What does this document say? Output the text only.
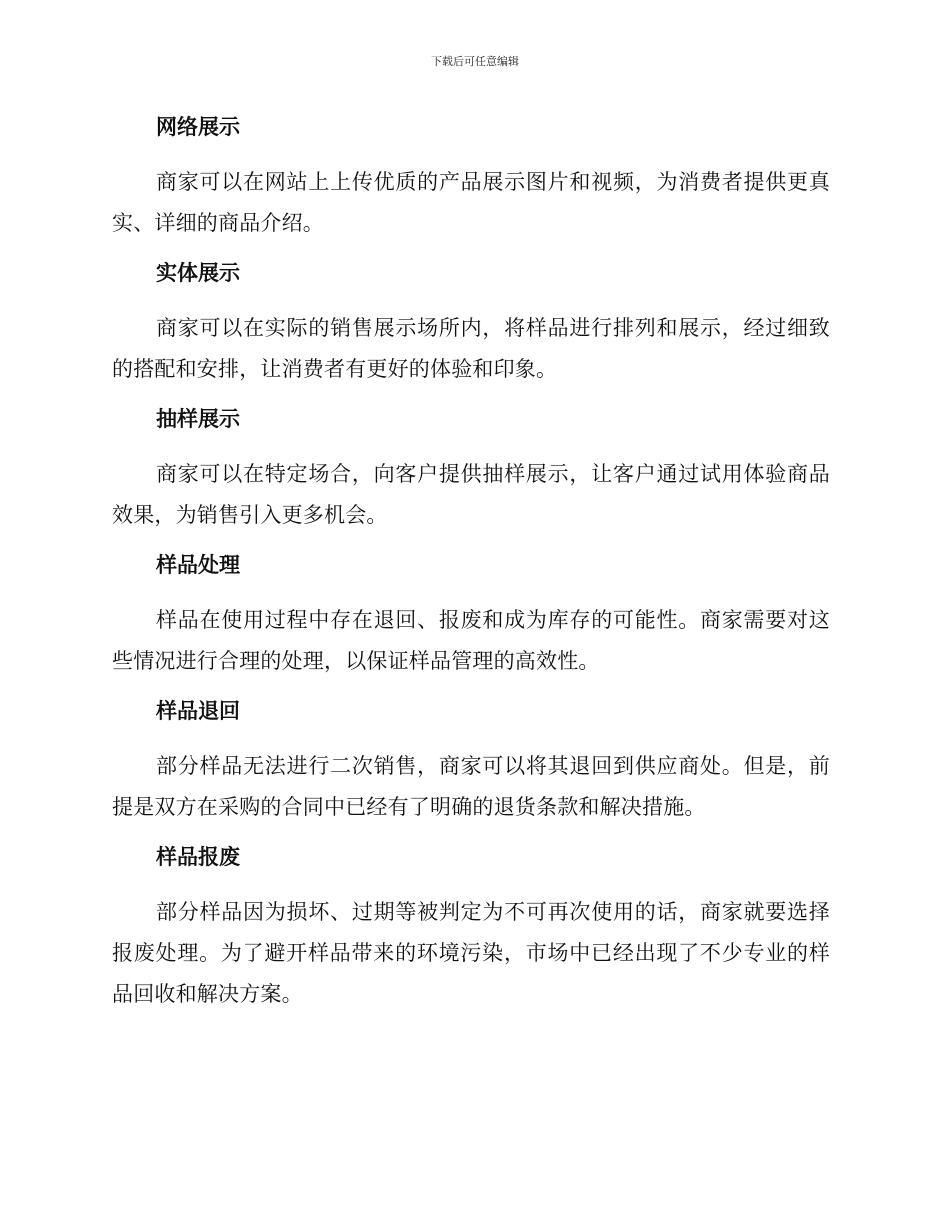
下载后可任意编辑
网络展示

商家可以在网站上上传优质的产品展示图片和视频，为消费者提供更真实、详细的商品介绍。

实体展示

商家可以在实际的销售展示场所内，将样品进行排列和展示，经过细致的搭配和安排，让消费者有更好的体验和印象。

抽样展示

商家可以在特定场合，向客户提供抽样展示，让客户通过试用体验商品效果，为销售引入更多机会。

样品处理

样品在使用过程中存在退回、报废和成为库存的可能性。商家需要对这些情况进行合理的处理，以保证样品管理的高效性。

样品退回

部分样品无法进行二次销售，商家可以将其退回到供应商处。但是，前提是双方在采购的合同中已经有了明确的退货条款和解决措施。

样品报废

部分样品因为损坏、过期等被判定为不可再次使用的话，商家就要选择报废处理。为了避开样品带来的环境污染，市场中已经出现了不少专业的样品回收和解决方案。
